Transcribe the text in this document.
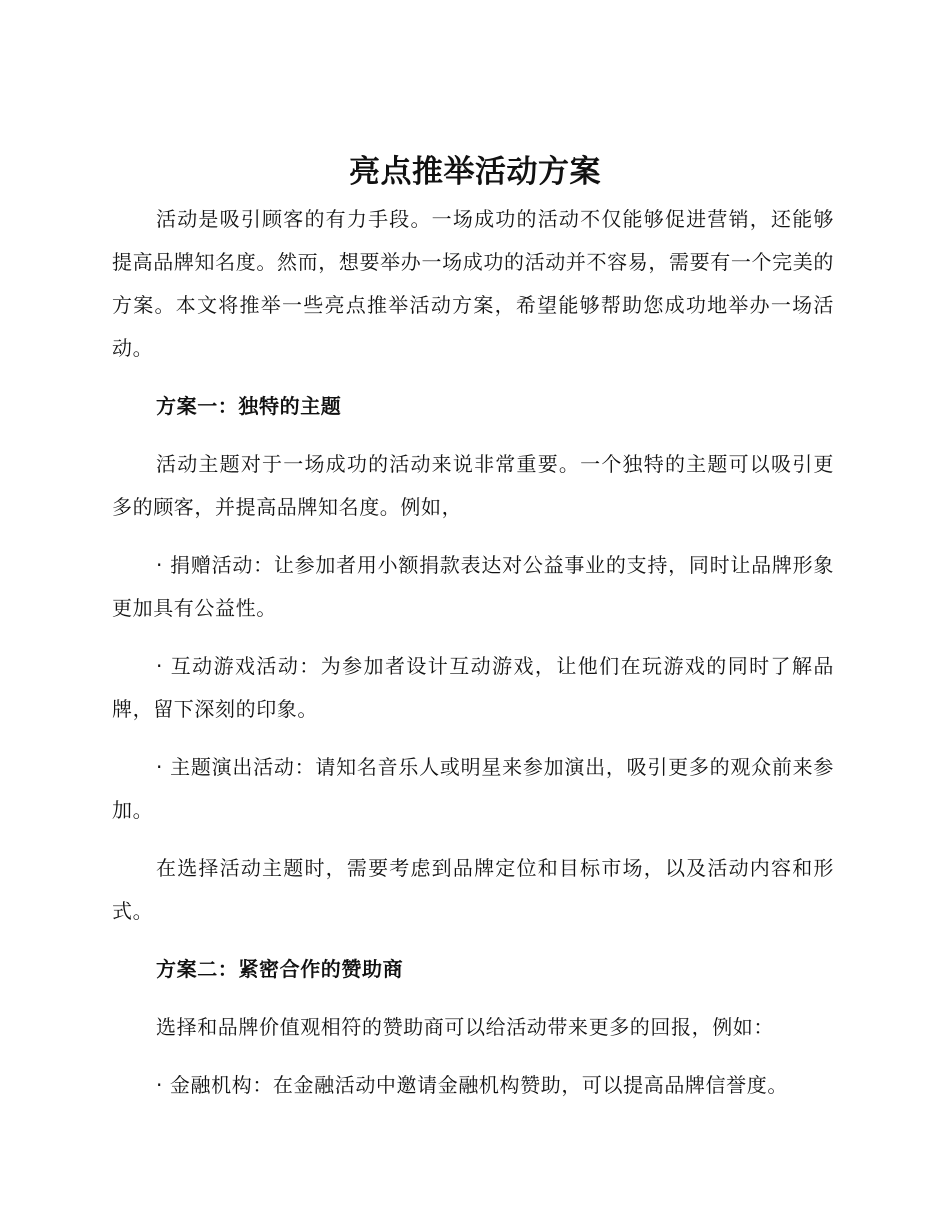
亮点推举活动方案

活动是吸引顾客的有力手段。一场成功的活动不仅能够促进营销，还能够提高品牌知名度。然而，想要举办一场成功的活动并不容易，需要有一个完美的方案。本文将推举一些亮点推举活动方案，希望能够帮助您成功地举办一场活动。

方案一：独特的主题

活动主题对于一场成功的活动来说非常重要。一个独特的主题可以吸引更多的顾客，并提高品牌知名度。例如，

· 捐赠活动：让参加者用小额捐款表达对公益事业的支持，同时让品牌形象更加具有公益性。

· 互动游戏活动：为参加者设计互动游戏，让他们在玩游戏的同时了解品牌，留下深刻的印象。

· 主题演出活动：请知名音乐人或明星来参加演出，吸引更多的观众前来参加。

在选择活动主题时，需要考虑到品牌定位和目标市场，以及活动内容和形式。

方案二：紧密合作的赞助商

选择和品牌价值观相符的赞助商可以给活动带来更多的回报，例如：

· 金融机构：在金融活动中邀请金融机构赞助，可以提高品牌信誉度。
